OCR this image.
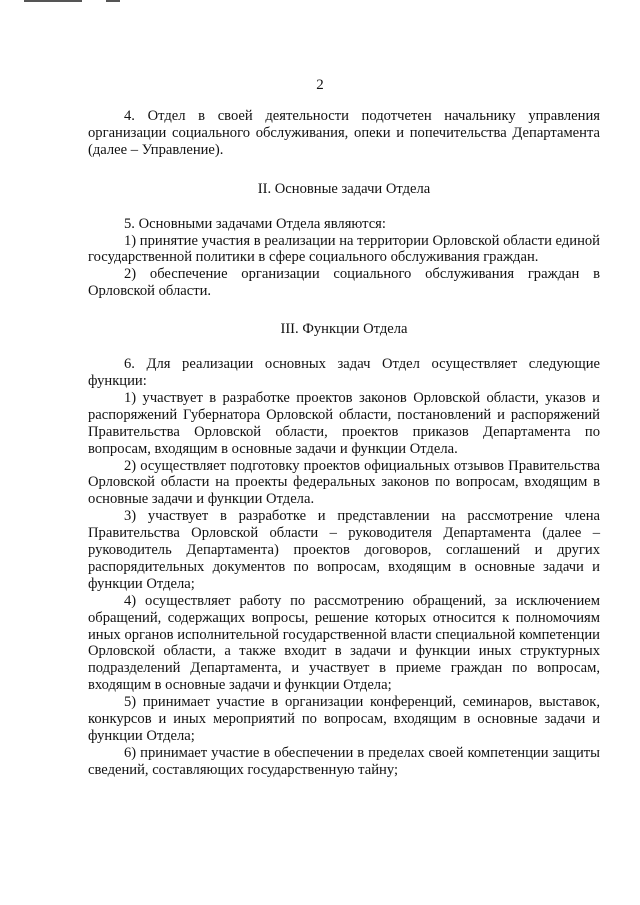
2

4. Отдел в своей деятельности подотчетен начальнику управления организации социального обслуживания, опеки и попечительства Департамента (далее – Управление).

II. Основные задачи Отдела

5. Основными задачами Отдела являются:

1) принятие участия в реализации на территории Орловской области единой государственной политики в сфере социального обслуживания граждан.

2) обеспечение организации социального обслуживания граждан в Орловской области.

III. Функции Отдела

6. Для реализации основных задач Отдел осуществляет следующие функции:

1) участвует в разработке проектов законов Орловской области, указов и распоряжений Губернатора Орловской области, постановлений и распоряжений Правительства Орловской области, проектов приказов Департамента по вопросам, входящим в основные задачи и функции Отдела.

2) осуществляет подготовку проектов официальных отзывов Правительства Орловской области на проекты федеральных законов по вопросам, входящим в основные задачи и функции Отдела.

3) участвует в разработке и представлении на рассмотрение члена Правительства Орловской области – руководителя Департамента (далее – руководитель Департамента) проектов договоров, соглашений и других распорядительных документов по вопросам, входящим в основные задачи и функции Отдела;

4) осуществляет работу по рассмотрению обращений, за исключением обращений, содержащих вопросы, решение которых относится к полномочиям иных органов исполнительной государственной власти специальной компетенции Орловской области, а также входит в задачи и функции иных структурных подразделений Департамента, и участвует в приеме граждан по вопросам, входящим в основные задачи и функции Отдела;

5) принимает участие в организации конференций, семинаров, выставок, конкурсов и иных мероприятий по вопросам, входящим в основные задачи и функции Отдела;

6) принимает участие в обеспечении в пределах своей компетенции защиты сведений, составляющих государственную тайну;
